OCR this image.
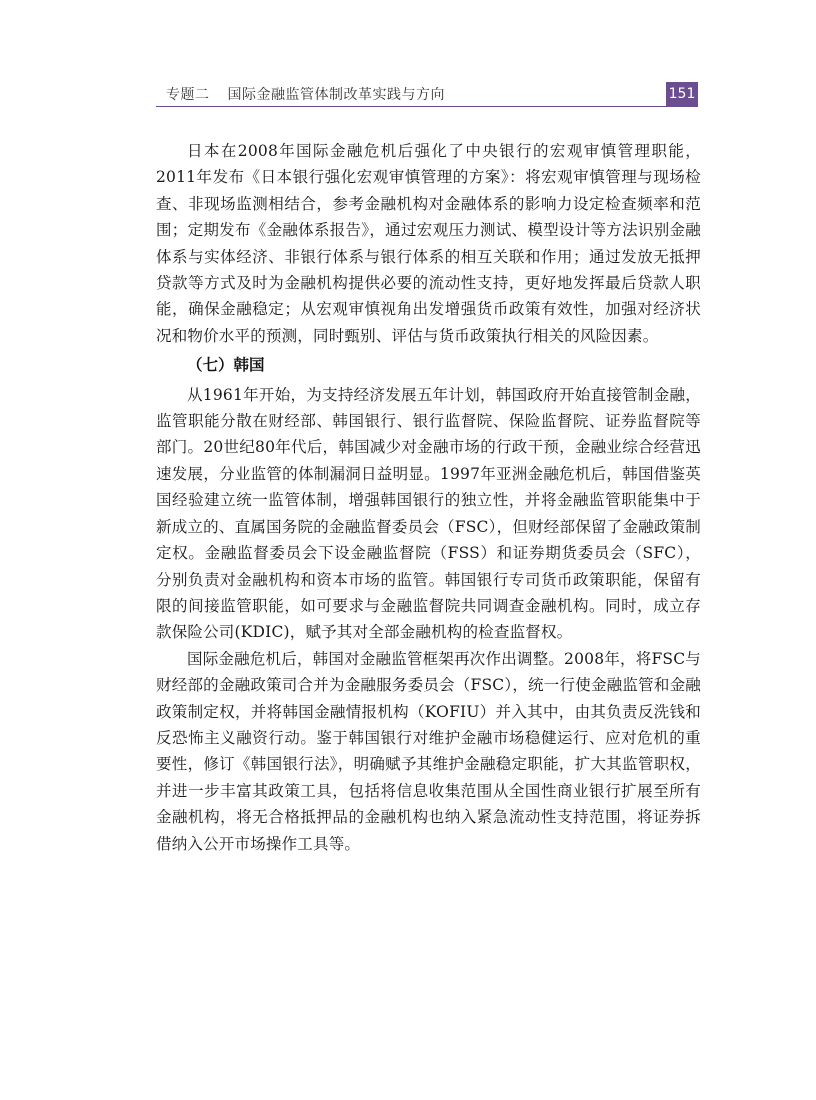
专题二 国际金融监管体制改革实践与方向	151

日本在2008年国际金融危机后强化了中央银行的宏观审慎管理职能，2011年发布《日本银行强化宏观审慎管理的方案》：将宏观审慎管理与现场检查、非现场监测相结合，参考金融机构对金融体系的影响力设定检查频率和范围；定期发布《金融体系报告》，通过宏观压力测试、模型设计等方法识别金融体系与实体经济、非银行体系与银行体系的相互关联和作用；通过发放无抵押贷款等方式及时为金融机构提供必要的流动性支持，更好地发挥最后贷款人职能，确保金融稳定；从宏观审慎视角出发增强货币政策有效性，加强对经济状况和物价水平的预测，同时甄别、评估与货币政策执行相关的风险因素。

（七）韩国

从1961年开始，为支持经济发展五年计划，韩国政府开始直接管制金融，监管职能分散在财经部、韩国银行、银行监督院、保险监督院、证券监督院等部门。20世纪80年代后，韩国减少对金融市场的行政干预，金融业综合经营迅速发展，分业监管的体制漏洞日益明显。1997年亚洲金融危机后，韩国借鉴英国经验建立统一监管体制，增强韩国银行的独立性，并将金融监管职能集中于新成立的、直属国务院的金融监督委员会（FSC），但财经部保留了金融政策制定权。金融监督委员会下设金融监督院（FSS）和证券期货委员会（SFC），分别负责对金融机构和资本市场的监管。韩国银行专司货币政策职能，保留有限的间接监管职能，如可要求与金融监督院共同调查金融机构。同时，成立存款保险公司(KDIC)，赋予其对全部金融机构的检查监督权。

国际金融危机后，韩国对金融监管框架再次作出调整。2008年，将FSC与财经部的金融政策司合并为金融服务委员会（FSC），统一行使金融监管和金融政策制定权，并将韩国金融情报机构（KOFIU）并入其中，由其负责反洗钱和反恐怖主义融资行动。鉴于韩国银行对维护金融市场稳健运行、应对危机的重要性，修订《韩国银行法》，明确赋予其维护金融稳定职能，扩大其监管职权，并进一步丰富其政策工具，包括将信息收集范围从全国性商业银行扩展至所有金融机构，将无合格抵押品的金融机构也纳入紧急流动性支持范围，将证券拆借纳入公开市场操作工具等。
